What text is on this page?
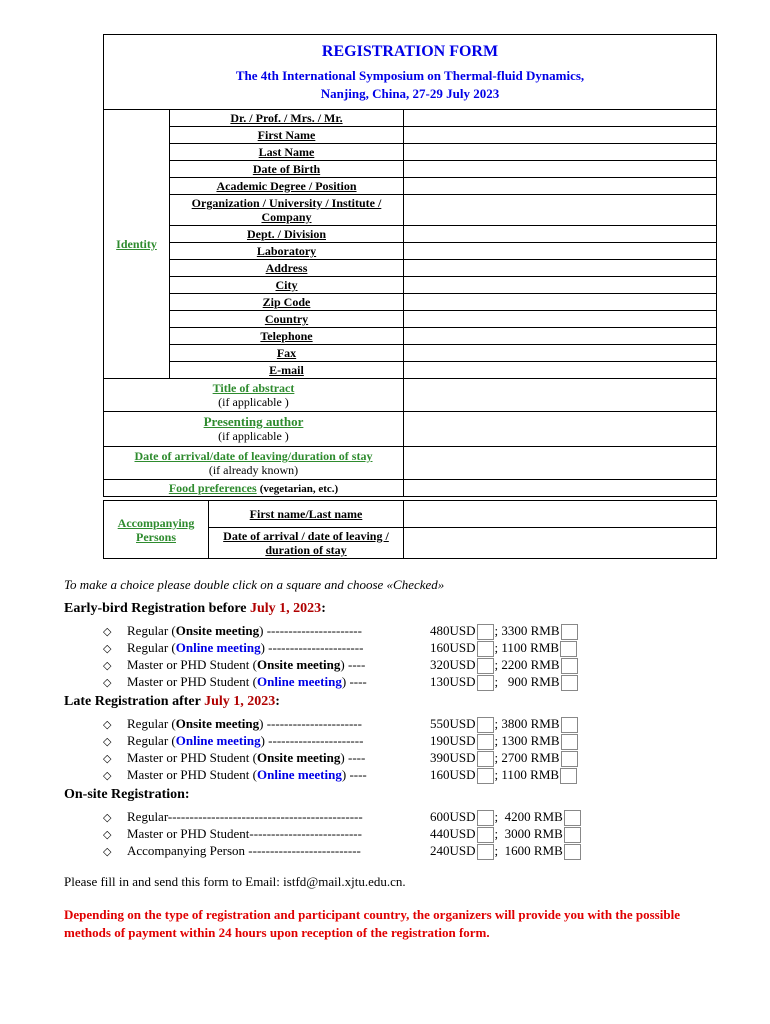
REGISTRATION FORM
The 4th International Symposium on Thermal-fluid Dynamics,
Nanjing, China, 27-29 July 2023		

Identity	Dr. / Prof. / Mrs. / Mr.	
	First Name	
	Last Name	
	Date of Birth	
	Academic Degree / Position	
	Organization / University / Institute / Company	
	Dept. / Division	
	Laboratory	
	Address	
	City	
	Zip Code	
	Country	
	Telephone	
	Fax	
	E-mail	

Title of abstract
(if applicable )		

Presenting author
(if applicable )		

Date of arrival/date of leaving/duration of stay
(if already known)		

Food preferences (vegetarian, etc.)		
Accompanying
Persons	First name/Last name	
	Date of arrival / date of leaving / duration of stay	
To make a choice please double click on a square and choose «Checked»
Early-bird Registration before July 1, 2023:
◇ Regular (Onsite meeting) ----------------------	480USD ; 3300 RMB
◇ Regular (Online meeting) ----------------------	160USD ; 1100 RMB
◇ Master or PHD Student (Onsite meeting) ----	320USD ; 2200 RMB
◇ Master or PHD Student (Online meeting) ----	130USD ;   900 RMB
Late Registration after July 1, 2023:
◇ Regular (Onsite meeting) ----------------------	550USD ; 3800 RMB
◇ Regular (Online meeting) ----------------------	190USD ; 1300 RMB
◇ Master or PHD Student (Onsite meeting) ----	390USD ; 2700 RMB
◇ Master or PHD Student (Online meeting) ----	160USD ; 1100 RMB
On-site Registration:
◇ Regular---------------------------------------------	600USD ;  4200 RMB
◇ Master or PHD Student--------------------------	440USD ;  3000 RMB
◇ Accompanying Person --------------------------	240USD ;  1600 RMB
Please fill in and send this form to Email: istfd@mail.xjtu.edu.cn.
Depending on the type of registration and participant country, the organizers will provide you with the possible methods of payment within 24 hours upon reception of the registration form.
